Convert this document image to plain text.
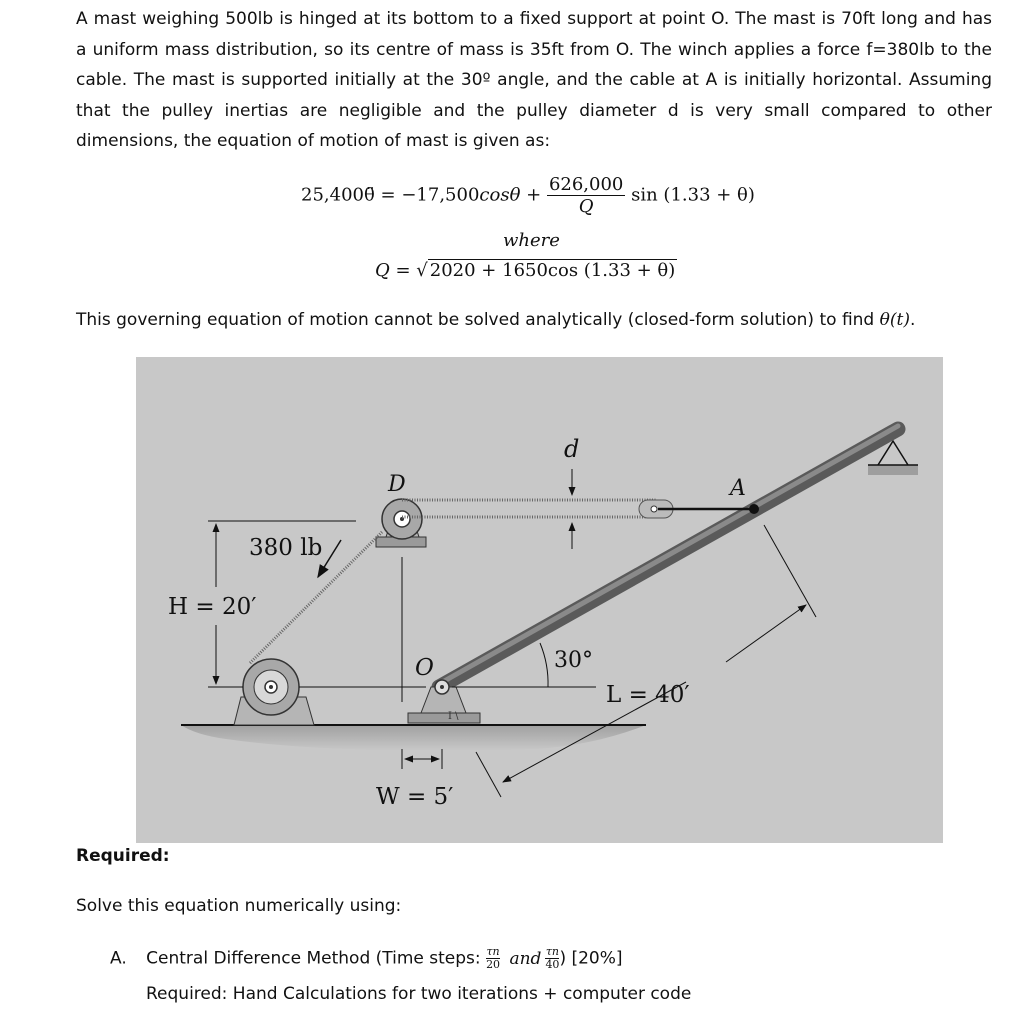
A mast weighing 500lb is hinged at its bottom to a fixed support at point O. The mast is 70ft long and has a uniform mass distribution, so its centre of mass is 35ft from O. The winch applies a force f=380lb to the cable. The mast is supported initially at the 30º angle, and the cable at A is initially horizontal. Assuming that the pulley inertias are negligible and the pulley diameter d is very small compared to other dimensions, the equation of motion of mast is given as:
25,400θ̈ = $-17,500\cos\theta + \frac{626,000}{Q}$ sin (1.33 + θ)
where
Q = √ 2020 + 1650cos (1.33 + θ)
This governing equation of motion cannot be solved analytically (closed-form solution) to find θ(t).
I \
d
D	A
380 lb
H = 20′
O	30°
L = 40′
W = 5′
Required:
Solve this equation numerically using:
A. Central Difference Method (Time steps: $\frac{\tau n}{20}$ and $\frac{\tau n}{40}$ ) [20%]
Required: Hand Calculations for two iterations + computer code
